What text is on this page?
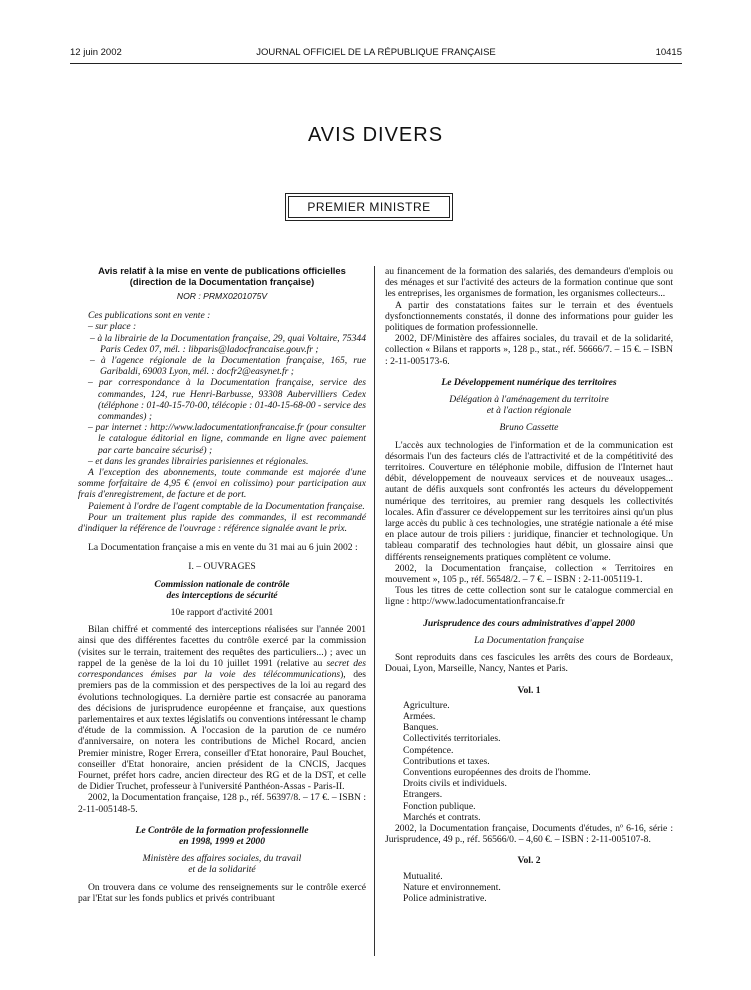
12 juin 2002	JOURNAL OFFICIEL DE LA RÉPUBLIQUE FRANÇAISE	10415
AVIS DIVERS
PREMIER MINISTRE

Avis relatif à la mise en vente de publications officielles

(direction de la Documentation française)

NOR : PRMX0201075V

Ces publications sont en vente :

– sur place :

– à la librairie de la Documentation française, 29, quai Voltaire, 75344 Paris Cedex 07, mél. : libparis@ladocfrancaise.gouv.fr ;

– à l'agence régionale de la Documentation française, 165, rue Garibaldi, 69003 Lyon, mél. : docfr2@easynet.fr ;

– par correspondance à la Documentation française, service des commandes, 124, rue Henri-Barbusse, 93308 Aubervilliers Cedex (téléphone : 01-40-15-70-00, télécopie : 01-40-15-68-00 - service des commandes) ;

– par internet : http://www.ladocumentationfrancaise.fr (pour consulter le catalogue éditorial en ligne, commande en ligne avec paiement par carte bancaire sécurisé) ;

– et dans les grandes librairies parisiennes et régionales.

A l'exception des abonnements, toute commande est majorée d'une somme forfaitaire de 4,95 € (envoi en colissimo) pour participation aux frais d'enregistrement, de facture et de port.

Paiement à l'ordre de l'agent comptable de la Documentation française.

Pour un traitement plus rapide des commandes, il est recommandé d'indiquer la référence de l'ouvrage : référence signalée avant le prix.

La Documentation française a mis en vente du 31 mai au 6 juin 2002 :

I. – OUVRAGES

Commission nationale de contrôle

des interceptions de sécurité

10e rapport d'activité 2001

Bilan chiffré et commenté des interceptions réalisées sur l'année 2001 ainsi que des différentes facettes du contrôle exercé par la commission (visites sur le terrain, traitement des requêtes des particuliers...) ; avec un rappel de la genèse de la loi du 10 juillet 1991 (relative au secret des correspondances émises par la voie des télécommunications), des premiers pas de la commission et des perspectives de la loi au regard des évolutions technologiques. La dernière partie est consacrée au panorama des décisions de jurisprudence européenne et française, aux questions parlementaires et aux textes législatifs ou conventions intéressant le champ d'étude de la commission. A l'occasion de la parution de ce numéro d'anniversaire, on notera les contributions de Michel Rocard, ancien Premier ministre, Roger Errera, conseiller d'Etat honoraire, Paul Bouchet, conseiller d'Etat honoraire, ancien président de la CNCIS, Jacques Fournet, préfet hors cadre, ancien directeur des RG et de la DST, et celle de Didier Truchet, professeur à l'université Panthéon-Assas - Paris-II.

2002, la Documentation française, 128 p., réf. 56397/8. – 17 €. – ISBN : 2-11-005148-5.

Le Contrôle de la formation professionnelle

en 1998, 1999 et 2000

Ministère des affaires sociales, du travail

et de la solidarité

On trouvera dans ce volume des renseignements sur le contrôle exercé par l'Etat sur les fonds publics et privés contribuant

au financement de la formation des salariés, des demandeurs d'emplois ou des ménages et sur l'activité des acteurs de la formation continue que sont les entreprises, les organismes de formation, les organismes collecteurs...

A partir des constatations faites sur le terrain et des éventuels dysfonctionnements constatés, il donne des informations pour guider les politiques de formation professionnelle.

2002, DF/Ministère des affaires sociales, du travail et de la solidarité, collection « Bilans et rapports », 128 p., stat., réf. 56666/7. – 15 €. – ISBN : 2-11-005173-6.

Le Développement numérique des territoires

Délégation à l'aménagement du territoire

et à l'action régionale

Bruno Cassette

L'accès aux technologies de l'information et de la communication est désormais l'un des facteurs clés de l'attractivité et de la compétitivité des territoires. Couverture en téléphonie mobile, diffusion de l'Internet haut débit, développement de nouveaux services et de nouveaux usages... autant de défis auxquels sont confrontés les acteurs du développement numérique des territoires, au premier rang desquels les collectivités locales. Afin d'assurer ce développement sur les territoires ainsi qu'un plus large accès du public à ces technologies, une stratégie nationale a été mise en place autour de trois piliers : juridique, financier et technologique. Un tableau comparatif des technologies haut débit, un glossaire ainsi que différents renseignements pratiques complètent ce volume.

2002, la Documentation française, collection « Territoires en mouvement », 105 p., réf. 56548/2. – 7 €. – ISBN : 2-11-005119-1.

Tous les titres de cette collection sont sur le catalogue commercial en ligne : http://www.ladocumentationfrancaise.fr

Jurisprudence des cours administratives d'appel 2000

La Documentation française

Sont reproduits dans ces fascicules les arrêts des cours de Bordeaux, Douai, Lyon, Marseille, Nancy, Nantes et Paris.

Vol. 1

Agriculture.

Armées.

Banques.

Collectivités territoriales.

Compétence.

Contributions et taxes.

Conventions européennes des droits de l'homme.

Droits civils et individuels.

Etrangers.

Fonction publique.

Marchés et contrats.

2002, la Documentation française, Documents d'études, nº 6-16, série : Jurisprudence, 49 p., réf. 56566/0. – 4,60 €. – ISBN : 2-11-005107-8.

Vol. 2

Mutualité.

Nature et environnement.

Police administrative.
